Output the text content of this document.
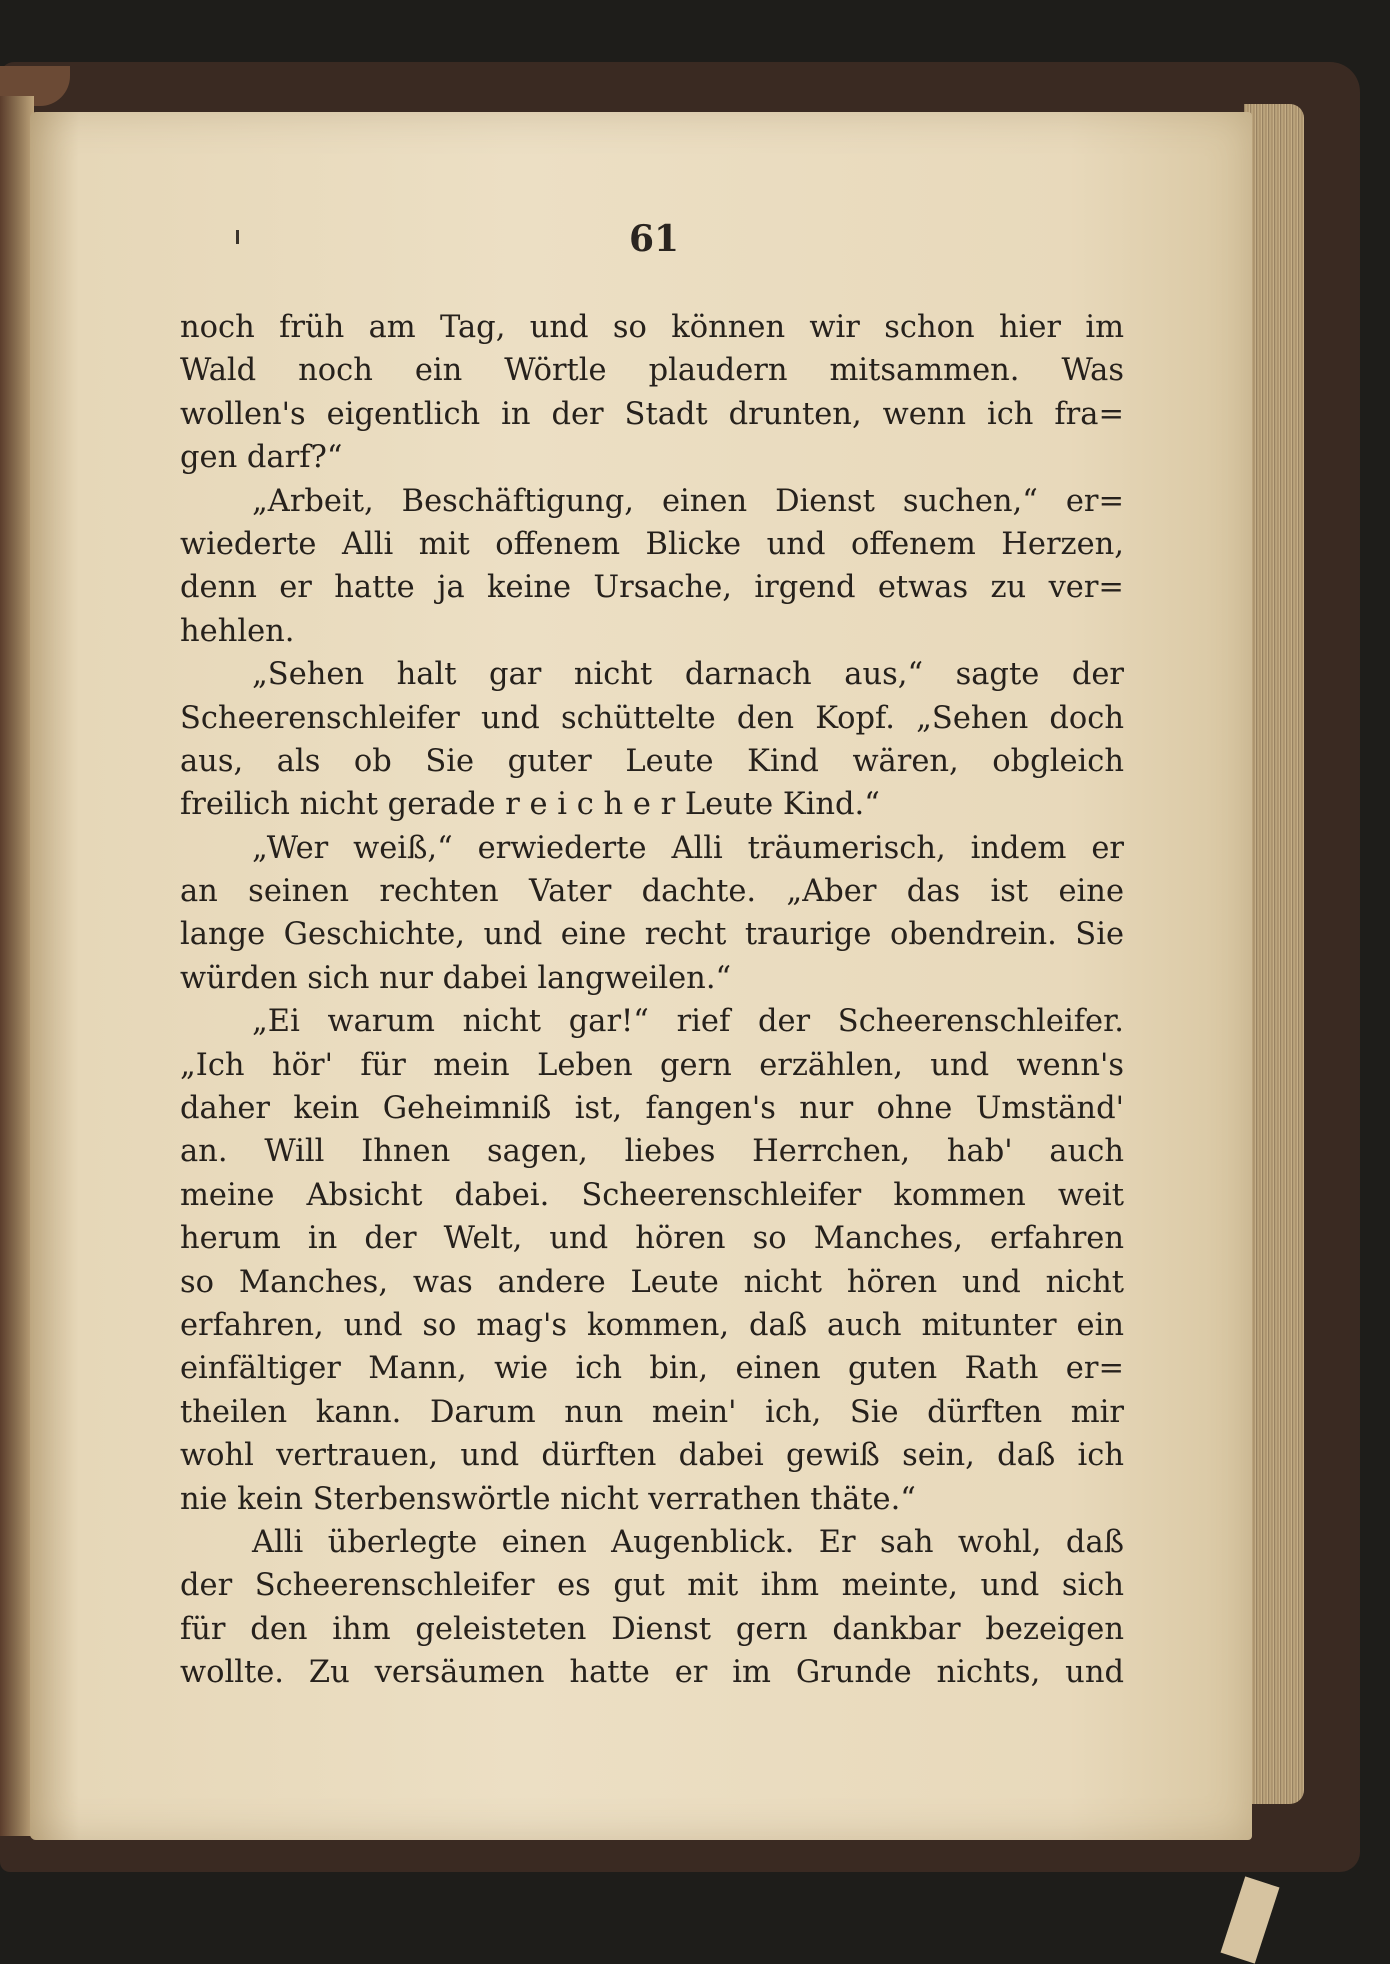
61
noch früh am Tag, und so können wir schon hier im
Wald noch ein Wörtle plaudern mitsammen. Was
wollen's eigentlich in der Stadt drunten, wenn ich fra=
gen darf?“
„Arbeit, Beschäftigung, einen Dienst suchen,“ er=
wiederte Alli mit offenem Blicke und offenem Herzen,
denn er hatte ja keine Ursache, irgend etwas zu ver=
hehlen.
„Sehen halt gar nicht darnach aus,“ sagte der
Scheerenschleifer und schüttelte den Kopf. „Sehen doch
aus, als ob Sie guter Leute Kind wären, obgleich
freilich nicht gerade r e i c h e r Leute Kind.“
„Wer weiß,“ erwiederte Alli träumerisch, indem er
an seinen rechten Vater dachte. „Aber das ist eine
lange Geschichte, und eine recht traurige obendrein. Sie
würden sich nur dabei langweilen.“
„Ei warum nicht gar!“ rief der Scheerenschleifer.
„Ich hör' für mein Leben gern erzählen, und wenn's
daher kein Geheimniß ist, fangen's nur ohne Umständ'
an. Will Ihnen sagen, liebes Herrchen, hab' auch
meine Absicht dabei. Scheerenschleifer kommen weit
herum in der Welt, und hören so Manches, erfahren
so Manches, was andere Leute nicht hören und nicht
erfahren, und so mag's kommen, daß auch mitunter ein
einfältiger Mann, wie ich bin, einen guten Rath er=
theilen kann. Darum nun mein' ich, Sie dürften mir
wohl vertrauen, und dürften dabei gewiß sein, daß ich
nie kein Sterbenswörtle nicht verrathen thäte.“
Alli überlegte einen Augenblick. Er sah wohl, daß
der Scheerenschleifer es gut mit ihm meinte, und sich
für den ihm geleisteten Dienst gern dankbar bezeigen
wollte. Zu versäumen hatte er im Grunde nichts, und
